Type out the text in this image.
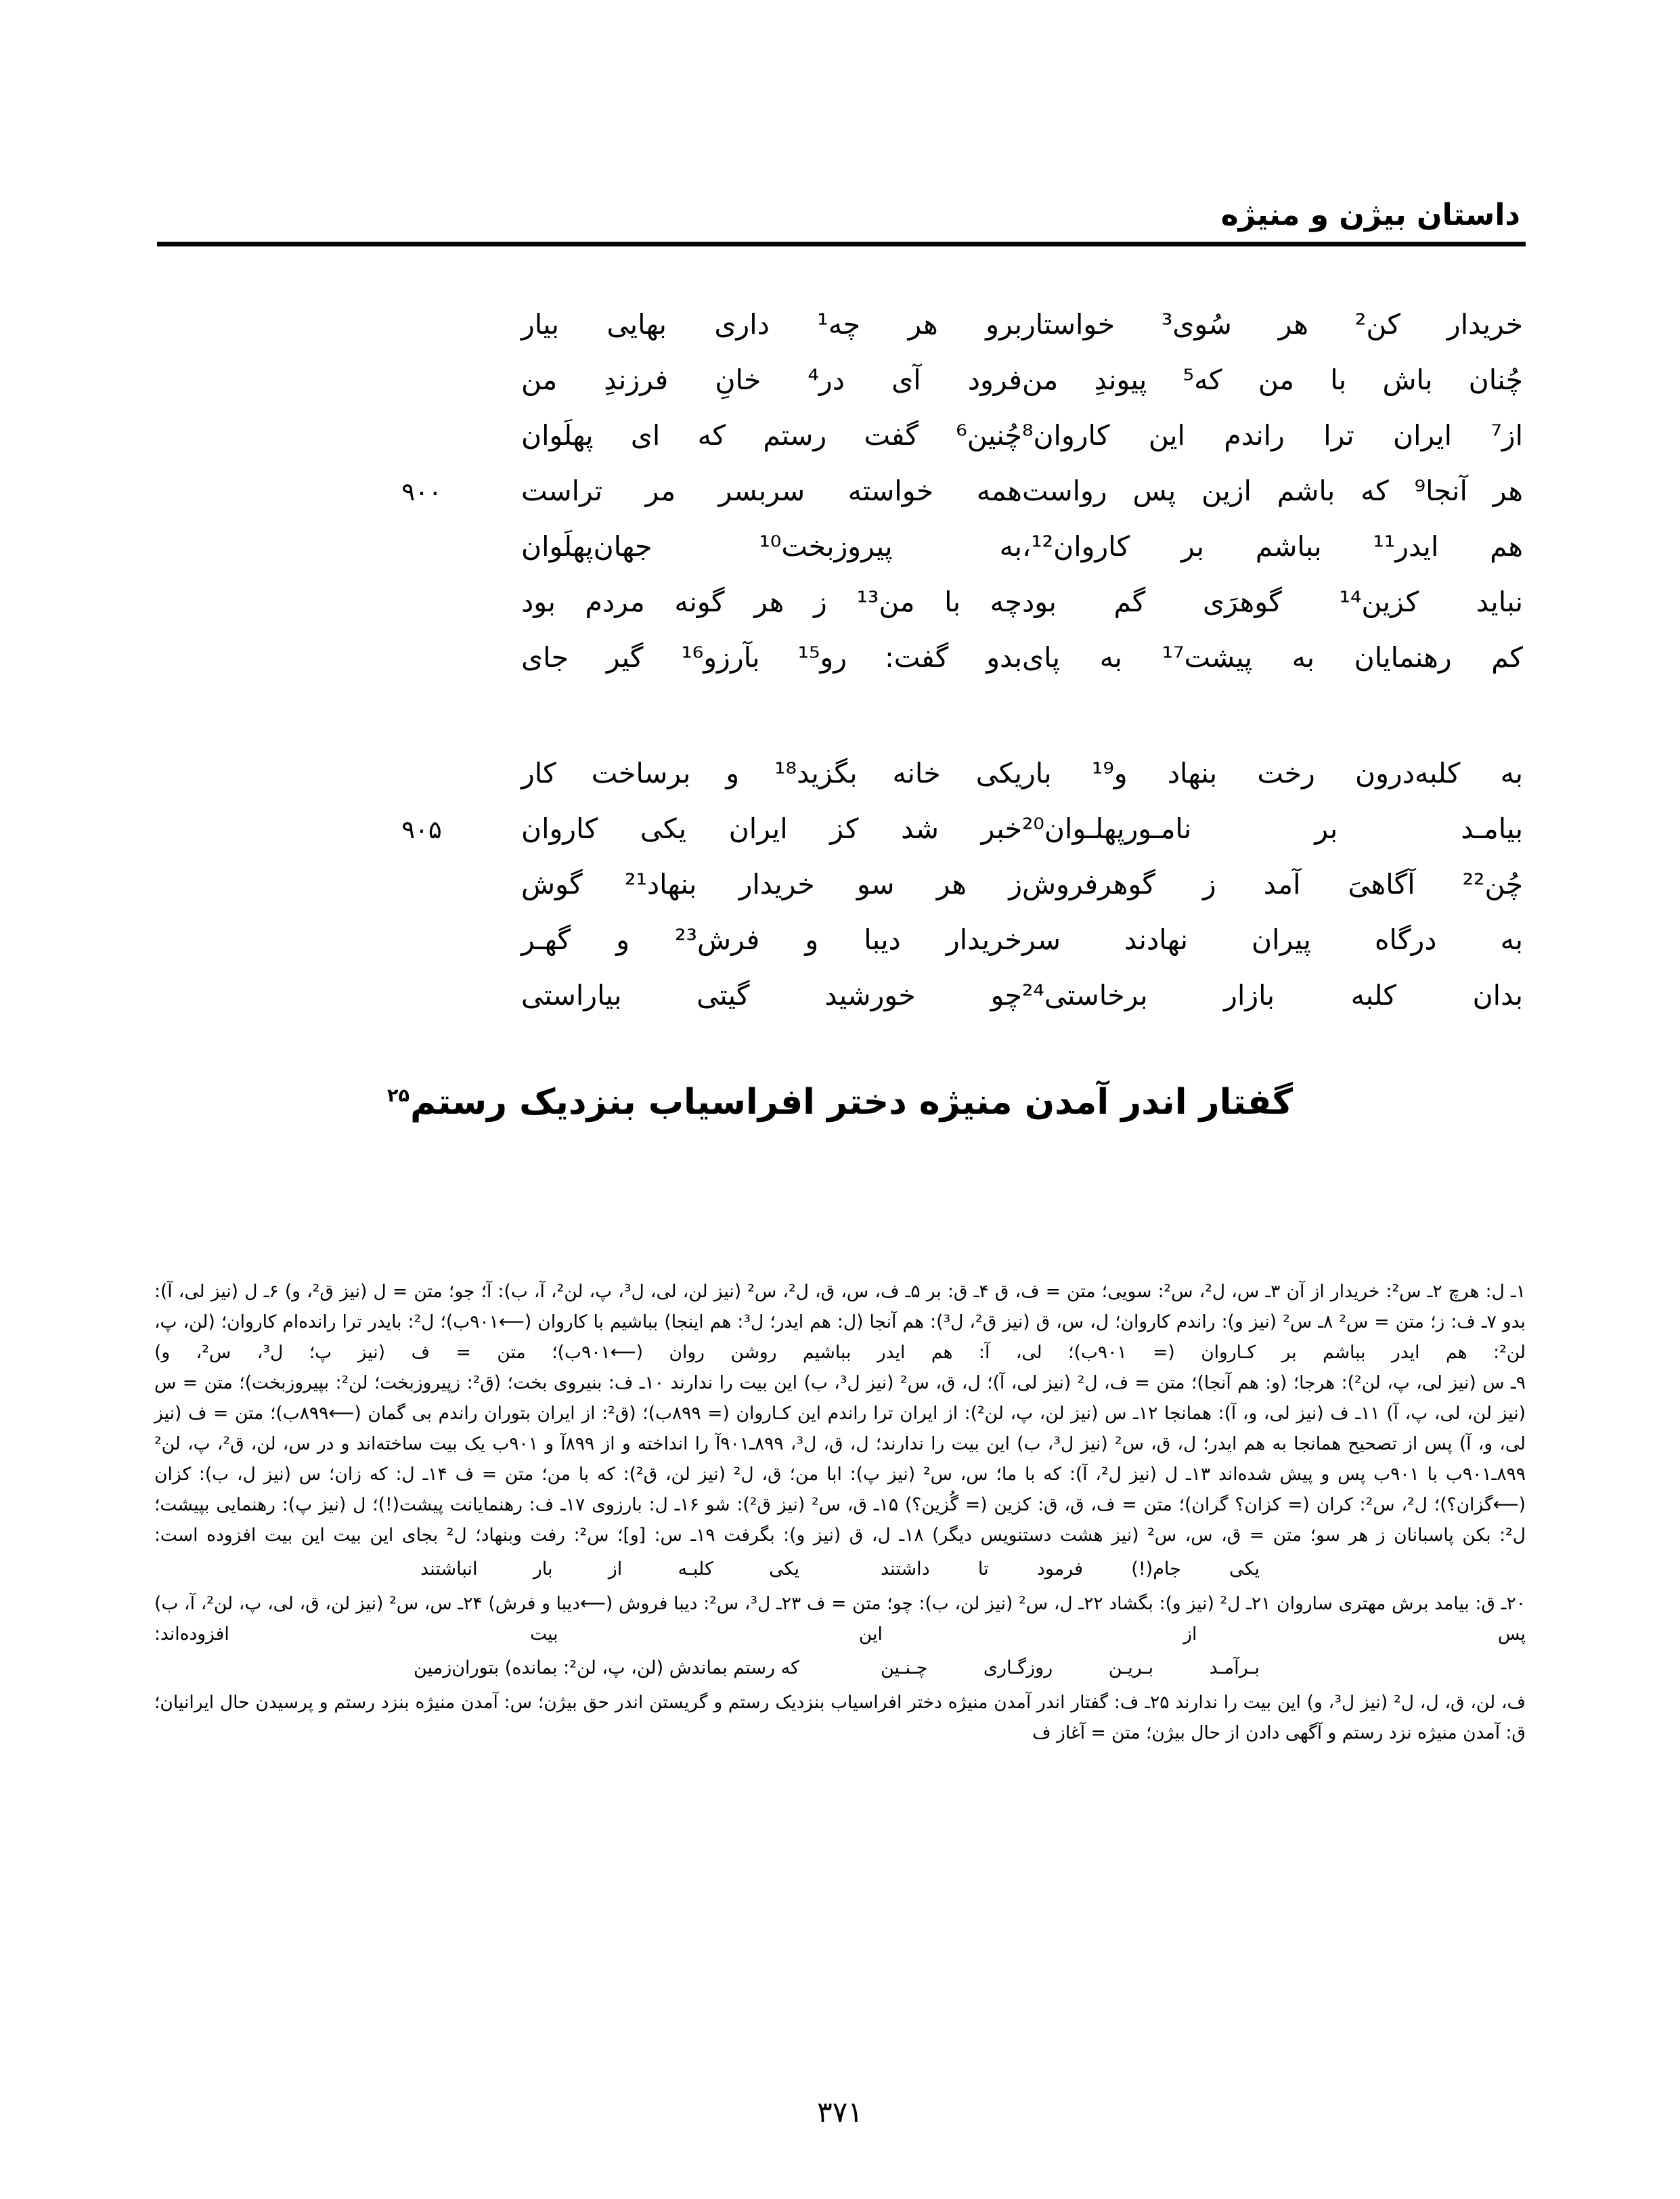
داستان بیژن و منیژه
خریدار کن² هر سُوی³ خواستار
برو هر چه¹ داری بهایی بیار
چُنان باش با من که⁵ پیوندِ من
فرود آی در⁴ خانِ فرزندِ من
از⁷ ایران ترا راندم این کاروان⁸
چُنین⁶ گفت رستم که ای پهلَوان
هر آنجا⁹ که باشم ازین پس رواست
همه خواسته سربسر مر تراست
۹۰۰
هم ایدر¹¹ بباشم بر کاروان¹²،
به پیروزبخت¹⁰ جهان‌پهلَوان
نباید کزین¹⁴ گوهرَی گم بود
چه با من¹³ ز هر گونه مردم بود
کم رهنمایان به پیشت¹⁷ به پای
بدو گفت: رو¹⁵ بآرزو¹⁶ گیر جای
به کلبه‌درون رخت بنهاد و¹⁹ بار
یکی خانه بگزید¹⁸ و برساخت کار
بیامـد بر نامـورپهلـوان²⁰
خبر شد کز ایران یکی کاروان
۹۰۵
چُن²² آگاهیَ آمد ز گوهرفروش
ز هر سو خریدار بنهاد²¹ گوش
به درگاه پیران نهادند سر
خریدار دیبا و فرش²³ و گهـر
بدان کلبه بازار برخاستی²⁴
چو خورشید گیتی بیاراستی
گفتار اندر آمدن منیژه دختر افراسیاب بنزدیک رستم$^{۲۵}$

۱ـ ل: هرچ ۲ـ س²: خریدار از آن ۳ـ س، ل²، س²: سویی؛ متن = ف، ق ۴ـ ق: بر ۵ـ ف، س، ق، ل²، س² (نیز لن، لی، ل³، پ، لن²، آ، ب): آ؛ جو؛ متن = ل (نیز ق²، و) ۶ـ ل (نیز لی، آ): بدو ۷ـ ف: ز؛ متن = س² ۸ـ س² (نیز و): راندم کاروان؛ ل، س، ق (نیز ق²، ل³): هم آنجا (ل: هم ایدر؛ ل³: هم اینجا) بباشیم با کاروان (⟵۹۰۱ب)؛ ل²: بایدر ترا رانده‌ام کاروان؛ (لن، پ، لن²: هم ایدر بباشم بر کـاروان (= ۹۰۱ب)؛ لی، آ: هم ایدر بباشیم روشن روان (⟵۹۰۱ب)؛ متن = ف (نیز پ؛ ل³، س²، و)

۹ـ س (نیز لی، پ، لن²): هرجا؛ (و: هم آنجا)؛ متن = ف، ل² (نیز لی، آ)؛ ل، ق، س² (نیز ل³، ب) این بیت را ندارند ۱۰ـ ف: بنیروی بخت؛ (ق²: زپیروزبخت؛ لن²: بپیروزبخت)؛ متن = س (نیز لن، لی، پ، آ) ۱۱ـ ف (نیز لی، و، آ): همانجا ۱۲ـ س (نیز لن، پ، لن²): از ایران ترا راندم این کـاروان (= ۸۹۹ب)؛ (ق²: از ایران بتوران راندم بی گمان (⟵۸۹۹ب)؛ متن = ف (نیز لی، و، آ) پس از تصحیح همانجا به هم ایدر؛ ل، ق، س² (نیز ل³، ب) این بیت را ندارند؛ ل، ق، ل³، ۸۹۹ـ۹۰۱آ را انداخته و از ۸۹۹آ و ۹۰۱ب یک بیت ساخته‌اند و در س، لن، ق²، پ، لن² ۸۹۹ـ۹۰۱ب با ۹۰۱ب پس و پیش شده‌اند ۱۳ـ ل (نیز ل²، آ): که با ما؛ س، س² (نیز پ): ابا من؛ ق، ل² (نیز لن، ق²): که با من؛ متن = ف ۱۴ـ ل: که زان؛ س (نیز ل، ب): کزان (⟵گزان؟)؛ ل²، س²: کران (= کزان؟ گران)؛ متن = ف، ق، ق: کزین (= گُزین؟) ۱۵ـ ق، س² (نیز ق²): شو ۱۶ـ ل: بارزوی ۱۷ـ ف: رهنمایانت پیشت(!)؛ ل (نیز پ): رهنمایی بپیشت؛ ل²: بکن پاسبانان ز هر سو؛ متن = ق، س، س² (نیز هشت دستنویس دیگر) ۱۸ـ ل، ق (نیز و): بگرفت ۱۹ـ س: [و]؛ س²: رفت وبنهاد؛ ل² بجای این بیت این بیت افزوده است:

یکی جام(!) فرمود تا داشتند
یکی کلبـه از بار انباشتند

۲۰ـ ق: بیامد برش مهتری ساروان ۲۱ـ ل² (نیز و): بگشاد ۲۲ـ ل، س² (نیز لن، ب): چو؛ متن = ف ۲۳ـ ل³، س²: دیبا فروش (⟵دیبا و فرش) ۲۴ـ س، س² (نیز لن، ق، لی، پ، لن²، آ، ب) پس از این بیت افزوده‌اند:

بـرآمـد بـریـن روزگـاری چـنـین
که رستم بماندش (لن، پ، لن²: بمانده) بتوران‌زمین

ف، لن، ق، ل، ل² (نیز ل³، و) این بیت را ندارند ۲۵ـ ف: گفتار اندر آمدن منیژه دختر افراسیاب بنزدیک رستم و گریستن اندر حق بیژن؛ س: آمدن منیژه بنزد رستم و پرسیدن حال ایرانیان؛ ق: آمدن منیژه نزد رستم و آگهی دادن از حال بیژن؛ متن = آغاز ف

۳۷۱
